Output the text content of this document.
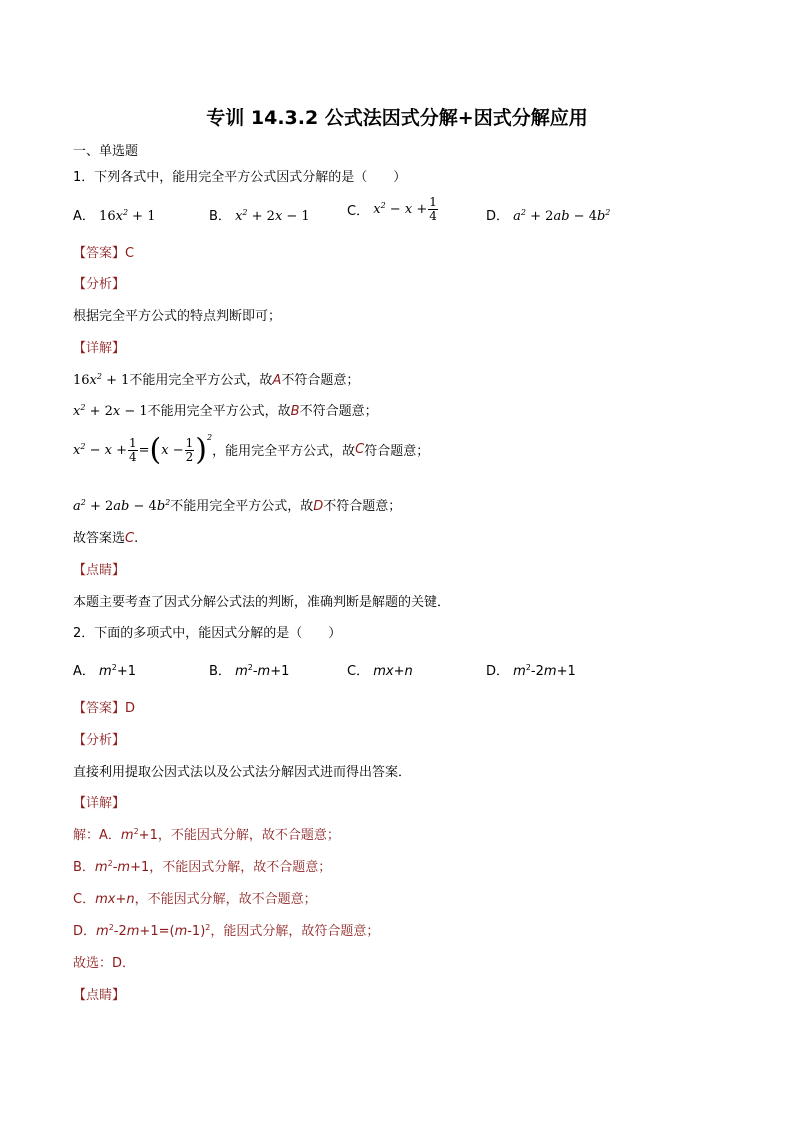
专训 14.3.2 公式法因式分解+因式分解应用
一、单选题
1．下列各式中，能用完全平方公式因式分解的是（　　）
A． $16x^2 + 1$	B． $x^2 + 2x - 1$	C． $x^2 - x + \frac{1}{4}$	D． $a^2 + 2ab - 4b^2$
【答案】C
【分析】
根据完全平方公式的特点判断即可；
【详解】
$16x^2 + 1$不能用完全平方公式，故A不符合题意；
$x^2 + 2x - 1$不能用完全平方公式，故B不符合题意；
$x^2 - x + \frac{1}{4} =(x - \frac{1}{2} )^2$，能用完全平方公式，故C符合题意；
$a^2 + 2ab - 4b^2$不能用完全平方公式，故D不符合题意；
故答案选C.
【点睛】
本题主要考查了因式分解公式法的判断，准确判断是解题的关键．
2．下面的多项式中，能因式分解的是（　　）
A． $m^2+1$	B． $m^2-m+1$	C． mx+n	D． $m^2-2m+1$
【答案】D
【分析】
直接利用提取公因式法以及公式法分解因式进而得出答案．
【详解】
解：A．$m^2+1$，不能因式分解，故不合题意；
B．$m^2-m+1$，不能因式分解，故不合题意；
C．mx+n，不能因式分解，故不合题意；
D．$m^2-2m+1=(m-1)^2$，能因式分解，故符合题意；
故选：D．
【点睛】
